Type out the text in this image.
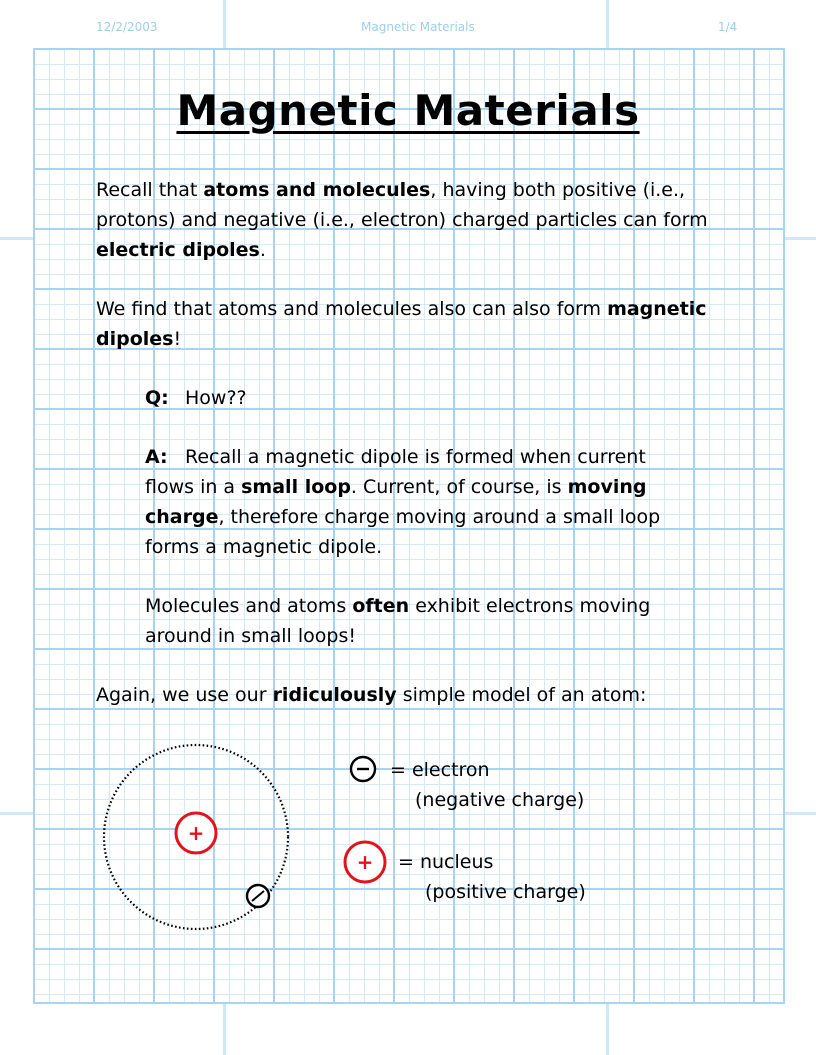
12/2/2003	Magnetic Materials	1/4
Magnetic Materials

Recall that atoms and molecules, having both positive (i.e.,

protons) and negative (i.e., electron) charged particles can form

electric dipoles.

We find that atoms and molecules also can also form magnetic

dipoles!

Q: How??

A: Recall a magnetic dipole is formed when current

flows in a small loop. Current, of course, is moving

charge, therefore charge moving around a small loop

forms a magnetic dipole.

Molecules and atoms often exhibit electrons moving

around in small loops!

Again, we use our ridiculously simple model of an atom:

+
+

= electron

(negative charge)

= nucleus

(positive charge)
